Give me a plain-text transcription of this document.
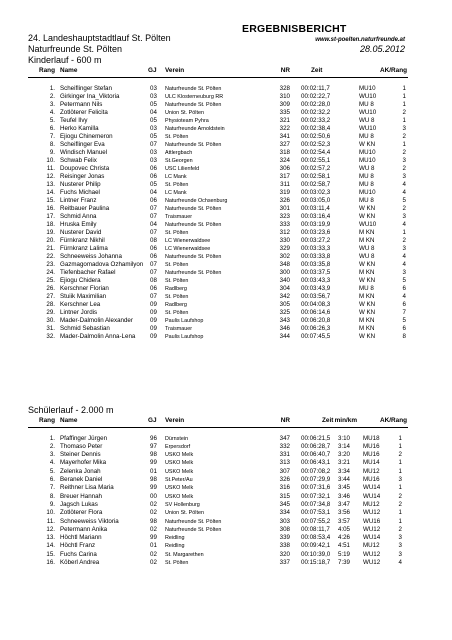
ERGEBNISBERICHT
24. Landeshauptstadtlauf St. Pölten	www.st-poelten.naturfreunde.at
Naturfreunde St. Pölten	28.05.2012
Kinderlauf - 600 m
Rang Name	GJ Verein	NR	Zeit	AK/Rang
1. Scheiflinger Stefan	03 Naturfreunde St. Pölten	328 00:02:11,7	MU10	1
2. Girkinger Ina_Viktoria	03 ULC Klosterneuburg RR	310 00:02:22,7	WU10	1
3. Petermann Nils	05 Naturfreunde St. Pölten	309 00:02:28,0	MU 8	1
4. Zotlöterer Felicita	04 Union St. Pölten	335 00:02:32,2	WU10	2
5. Teufel Ilvy	05 Physioteam Pyhra	321 00:02:33,2	WU 8	1
6. Herko Kamilla	03 Naturfreunde Arnoldstein	322 00:02:38,4	WU10	3
7. Ejiogu Chinemeron	05 St. Pölten	341 00:02:50,6	MU 8	2
8. Scheiflinger Eva	07 Naturfreunde St. Pölten	327 00:02:52,3	W KN	1
9. Windisch Manuel	03 Attlergbach	318 00:02:54,4	MU10	2
10. Schwab Felix	03 St.Georgen	324 00:02:55,1	MU10	3
11. Doupovec Christa	06 USC Lilienfeld	306 00:02:57,2	WU 8	2
12. Reisinger Jonas	06 LC Mank	317 00:02:58,1	MU 8	3
13. Nusterer Philip	05 St. Pölten	311 00:02:58,7	MU 8	4
14. Fuchs Michael	04 LC Mank	319 00:03:02,3	MU10	4
15. Lintner Franz	06 Naturfreunde Ochsenburg	326 00:03:05,0	MU 8	5
16. Reitbauer Paulina	07 Naturfreunde St. Pölten	301 00:03:11,4	W KN	2
17. Schmid Anna	07 Traismauer	323 00:03:16,4	W KN	3
18. Hruska Emily	04 Naturfreunde St. Pölten	333 00:03:19,9	WU10	4
19. Nusterer David	07 St. Pölten	312 00:03:23,6	M KN	1
20. Fürnkranz Nikhil	08 LC Wienerwaldsee	330 00:03:27,2	M KN	2
21. Fürnkranz Lalima	06 LC Wienerwaldsee	329 00:03:33,3	WU 8	3
22. Schneeweiss Johanna	06 Naturfreunde St. Pölten	302 00:03:33,8	WU 8	4
23. Gazmagomadova Ozhamilyon 07 St. Pölten	348 00:03:35,8	W KN	4
24. Tiefenbacher Rafael	07 Naturfreunde St. Pölten	300 00:03:37,5	M KN	3
25. Ejiogu Chidera	08 St. Pölten	340 00:03:43,3	W KN	5
26. Kerschner Florian	06 Radlberg	304 00:03:43,9	MU 8	6
27. Stuiik Maximilian	07 St. Pölten	342 00:03:56,7	M KN	4
28. Kerschner Lea	09 Radlberg	305 00:04:08,3	W KN	6
29. Lintner Jordis	09 St. Pölten	325 00:06:14,6	W KN	7
30. Mader-Dalmolin Alexander	09 Paulis Laufshop	343 00:06:20,8	M KN	5
31. Schmid Sebastian	09 Traismauer	346 00:06:26,3	M KN	6
32. Mader-Dalmolin Anna-Lena 09 Paulis Laufshop	344 00:07:45,5	W KN	8
Schülerlauf - 2.000 m
Rang Name	GJ Verein	NR	Zeit min/km	AK/Rang
1. Pfaffinger Jürgen	96 Dürnstein	347 00:06:21,5 3:10 MU18	1
2. Thomaso Peter	97 Erpersdorf	332 00:06:28,7 3:14 MU16	1
3. Steiner Dennis	98 USKO Melk	331 00:06:40,7 3:20 MU16	2
4. Mayerhofer Mika	99 USKO Melk	313 00:06:43,1 3:21 MU14	1
5. Zelenka Jonah	01 USKO Melk	307 00:07:08,2 3:34 MU12	1
6. Beranek Daniel	98 St.Peter/Au	326 00:07:29,9 3:44 MU16	3
7. Reithner Lisa Maria	99 USKO Melk	316 00:07:31,6 3:45 WU14	1
8. Breuer Hannah	00 USKO Melk	315 00:07:32,1 3:46 WU14	2
9. Jagsch Lukas	02 SV Hollenburg	345 00:07:34,8 3:47 MU12	2
10. Zotlöterer Flora	02 Union St. Pölten	334 00:07:53,1 3:56 WU12	1
11. Schneeweiss Viktoria	98 Naturfreunde St. Pölten	303 00:07:55,2 3:57 WU16	1
12. Petermann Anika	02 Naturfreunde St. Pölten	308 00:08:11,7 4:05 WU12	2
13. Höchtl Mariann	99 Reidling	339 00:08:53,4 4:26 WU14	3
14. Höchtl Franz	01 Reidling	338 00:09:42,1 4:51 MU12	3
15. Fuchs Carina	02 St. Margarethen	320 00:10:39,0 5:19 WU12	3
16. Köberl Andrea	02 St. Pölten	337 00:15:18,7 7:39 WU12	4
